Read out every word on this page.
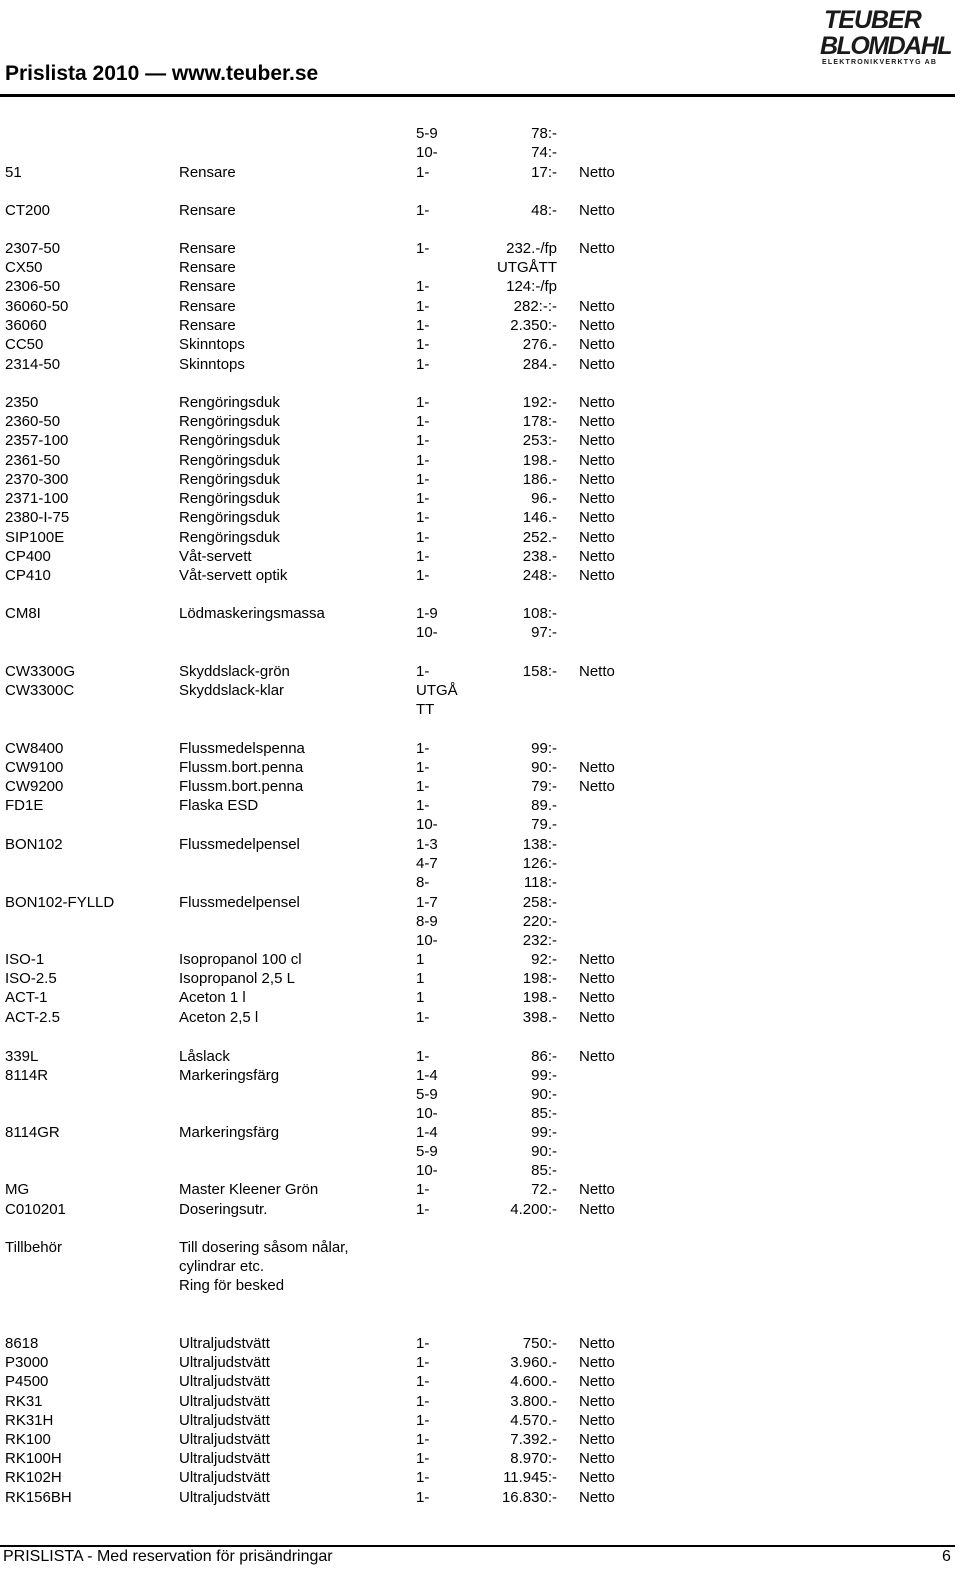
Prislista 2010 — www.teuber.se
TEUBER
BLOMDAHL
ELEKTRONIKVERKTYG AB
5-9	78:-
10-	74:-
51	Rensare	1-	17:- Netto
CT200	Rensare	1-	48:- Netto
2307-50	Rensare	1-	232.-/fp Netto
CX50	Rensare	UTGÅTT
2306-50	Rensare	1-	124:-/fp
36060-50	Rensare	1-	282:-:- Netto
36060	Rensare	1-	2.350:- Netto
CC50	Skinntops	1-	276.- Netto
2314-50	Skinntops	1-	284.- Netto
2350	Rengöringsduk	1-	192:- Netto
2360-50	Rengöringsduk	1-	178:- Netto
2357-100	Rengöringsduk	1-	253:- Netto
2361-50	Rengöringsduk	1-	198.- Netto
2370-300	Rengöringsduk	1-	186.- Netto
2371-100	Rengöringsduk	1-	96.- Netto
2380-I-75	Rengöringsduk	1-	146.- Netto
SIP100E	Rengöringsduk	1-	252.- Netto
CP400	Våt-servett	1-	238.- Netto
CP410	Våt-servett optik	1-	248:- Netto
CM8I	Lödmaskeringsmassa	1-9	108:-
10-	97:-
CW3300G	Skyddslack-grön	1-	158:- Netto
CW3300C	Skyddslack-klar	UTGÅ
TT
CW8400	Flussmedelspenna	1-	99:-
CW9100	Flussm.bort.penna	1-	90:- Netto
CW9200	Flussm.bort.penna	1-	79:- Netto
FD1E	Flaska ESD	1-	89.-
10-	79.-
BON102	Flussmedelpensel	1-3	138:-
4-7	126:-
8-	118:-
BON102-FYLLD	Flussmedelpensel	1-7	258:-
8-9	220:-
10-	232:-
ISO-1	Isopropanol 100 cl	1	92:- Netto
ISO-2.5	Isopropanol 2,5 L	1	198:- Netto
ACT-1	Aceton 1 l	1	198.- Netto
ACT-2.5	Aceton 2,5 l	1-	398.- Netto
339L	Låslack	1-	86:- Netto
8114R	Markeringsfärg	1-4	99:-
5-9	90:-
10-	85:-
8114GR	Markeringsfärg	1-4	99:-
5-9	90:-
10-	85:-
MG	Master Kleener Grön	1-	72.- Netto
C010201	Doseringsutr.	1-	4.200:- Netto
Tillbehör	Till dosering såsom nålar,
cylindrar etc.
Ring för besked
8618	Ultraljudstvätt	1-	750:- Netto
P3000	Ultraljudstvätt	1-	3.960.- Netto
P4500	Ultraljudstvätt	1-	4.600.- Netto
RK31	Ultraljudstvätt	1-	3.800.- Netto
RK31H	Ultraljudstvätt	1-	4.570.- Netto
RK100	Ultraljudstvätt	1-	7.392.- Netto
RK100H	Ultraljudstvätt	1-	8.970:- Netto
RK102H	Ultraljudstvätt	1-	11.945:- Netto
RK156BH	Ultraljudstvätt	1-	16.830:- Netto
PRISLISTA - Med reservation för prisändringar	6
